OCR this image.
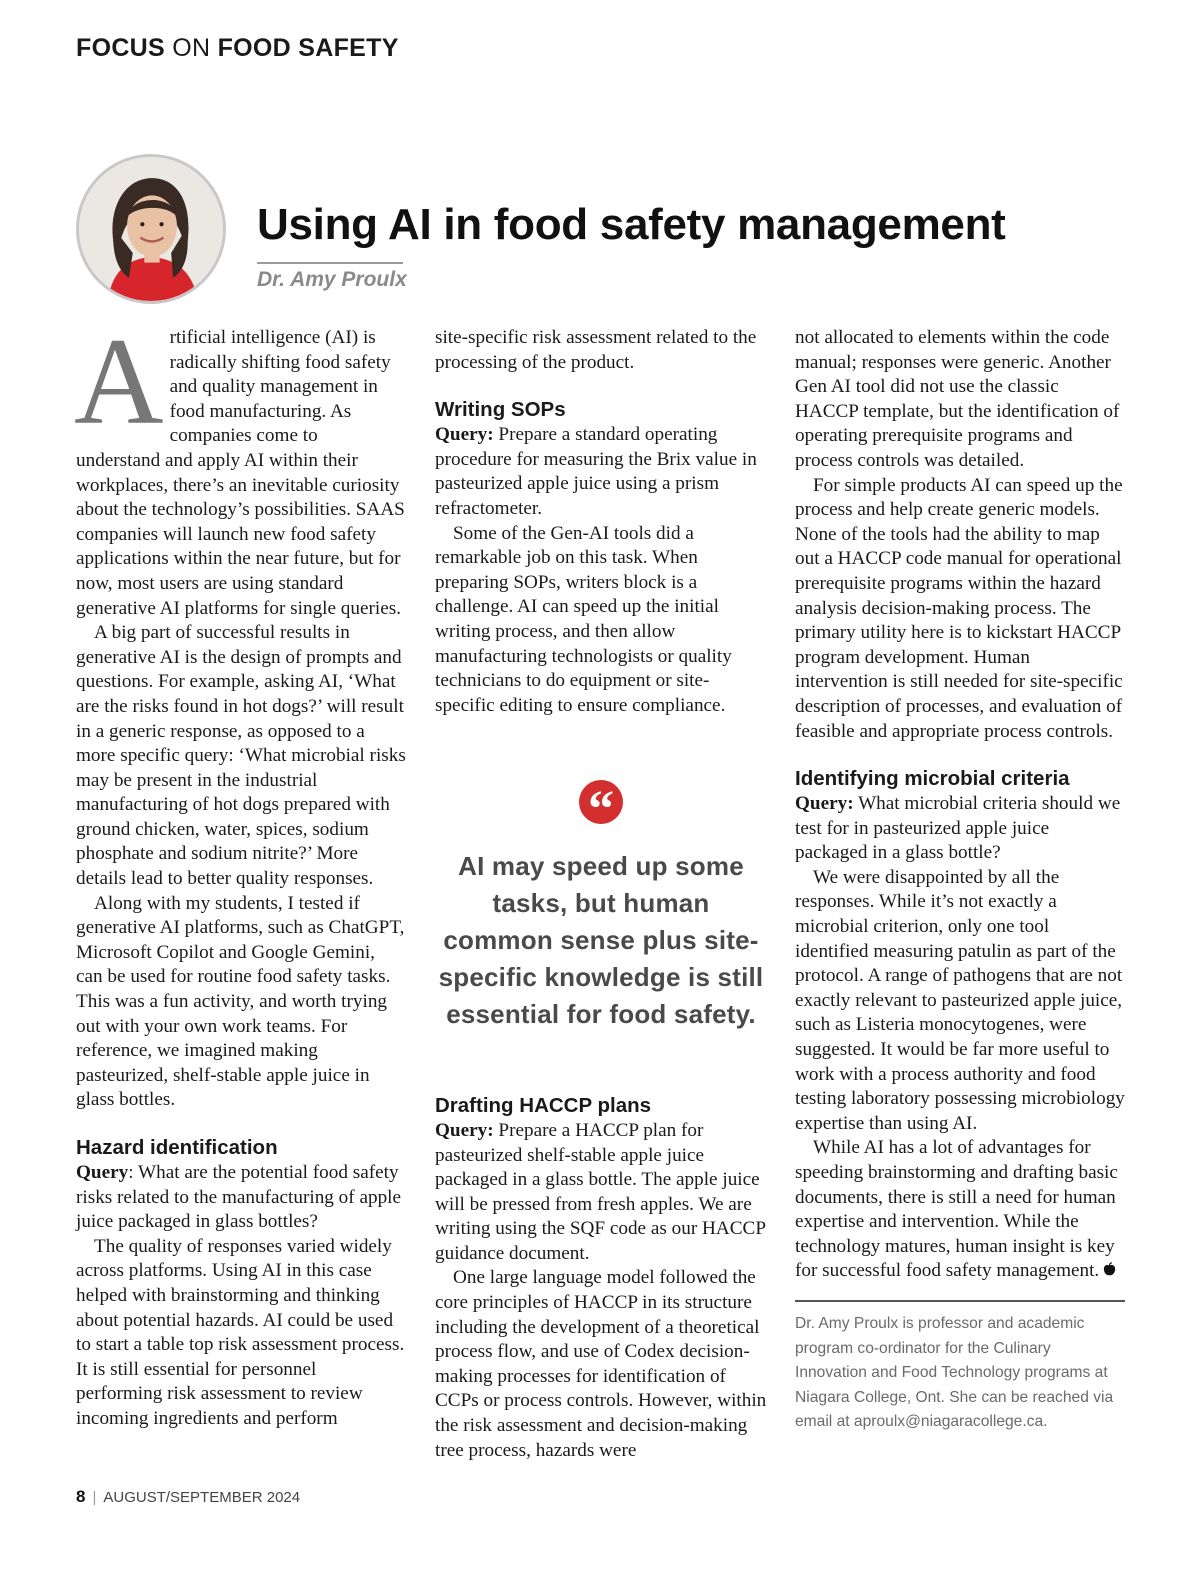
FOCUS ON FOOD SAFETY
Using AI in food safety management
Dr. Amy Proulx

Artificial intelligence (AI) is radically shifting food safety and quality management in food manufacturing. As companies come to understand and apply AI within their workplaces, there’s an inevitable curiosity about the technology’s possibilities. SAAS companies will launch new food safety applications within the near future, but for now, most users are using standard generative AI platforms for single queries.

A big part of successful results in generative AI is the design of prompts and questions. For example, asking AI, ‘What are the risks found in hot dogs?’ will result in a generic response, as opposed to a more specific query: ‘What microbial risks may be present in the industrial manufacturing of hot dogs prepared with ground chicken, water, spices, sodium phosphate and sodium nitrite?’ More details lead to better quality responses.

Along with my students, I tested if generative AI platforms, such as ChatGPT, Microsoft Copilot and Google Gemini, can be used for routine food safety tasks. This was a fun activity, and worth trying out with your own work teams. For reference, we imagined making pasteurized, shelf-stable apple juice in glass bottles.

Hazard identification

Query: What are the potential food safety risks related to the manufacturing of apple juice packaged in glass bottles?

The quality of responses varied widely across platforms. Using AI in this case helped with brainstorming and thinking about potential hazards. AI could be used to start a table top risk assessment process. It is still essential for personnel performing risk assessment to review incoming ingredients and perform

site-specific risk assessment related to the processing of the product.

Writing SOPs

Query: Prepare a standard operating procedure for measuring the Brix value in pasteurized apple juice using a prism refractometer.

Some of the Gen-AI tools did a remarkable job on this task. When preparing SOPs, writers block is a challenge. AI can speed up the initial writing process, and then allow manufacturing technologists or quality technicians to do equipment or site-specific editing to ensure compliance.

“
AI may speed up some tasks, but human common sense plus site-specific knowledge is still essential for food safety.
Drafting HACCP plans

Query: Prepare a HACCP plan for pasteurized shelf-stable apple juice packaged in a glass bottle. The apple juice will be pressed from fresh apples. We are writing using the SQF code as our HACCP guidance document.

One large language model followed the core principles of HACCP in its structure including the development of a theoretical process flow, and use of Codex decision-making processes for identification of CCPs or process controls. However, within the risk assessment and decision-making tree process, hazards were

not allocated to elements within the code manual; responses were generic. Another Gen AI tool did not use the classic HACCP template, but the identification of operating prerequisite programs and process controls was detailed.

For simple products AI can speed up the process and help create generic models. None of the tools had the ability to map out a HACCP code manual for operational prerequisite programs within the hazard analysis decision-making process. The primary utility here is to kickstart HACCP program development. Human intervention is still needed for site-specific description of processes, and evaluation of feasible and appropriate process controls.

Identifying microbial criteria

Query: What microbial criteria should we test for in pasteurized apple juice packaged in a glass bottle?

We were disappointed by all the responses. While it’s not exactly a microbial criterion, only one tool identified measuring patulin as part of the protocol. A range of pathogens that are not exactly relevant to pasteurized apple juice, such as Listeria monocytogenes, were suggested. It would be far more useful to work with a process authority and food testing laboratory possessing microbiology expertise than using AI.

While AI has a lot of advantages for speeding brainstorming and drafting basic documents, there is still a need for human expertise and intervention. While the technology matures, human insight is key for successful food safety management.

Dr. Amy Proulx is professor and academic program co-ordinator for the Culinary Innovation and Food Technology programs at Niagara College, Ont. She can be reached via email at aproulx@niagaracollege.ca.
8 | AUGUST/SEPTEMBER 2024
